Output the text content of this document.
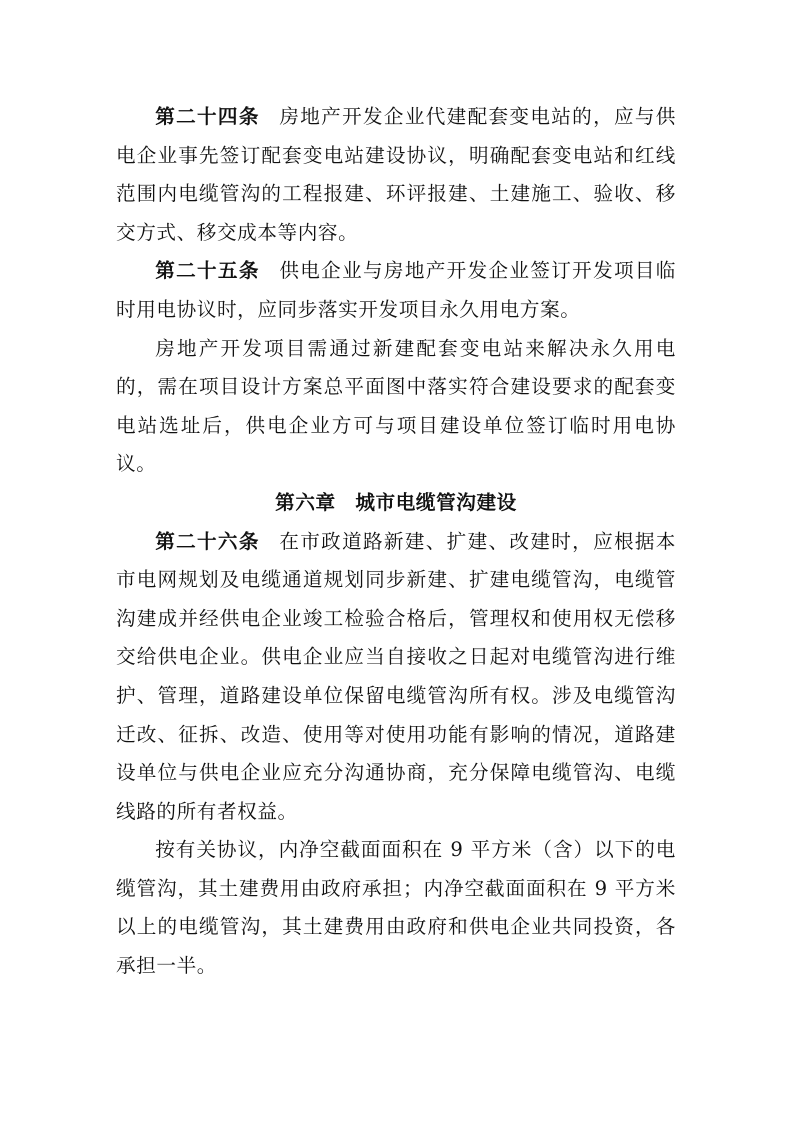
第二十四条 房地产开发企业代建配套变电站的，应与供电企业事先签订配套变电站建设协议，明确配套变电站和红线范围内电缆管沟的工程报建、环评报建、土建施工、验收、移交方式、移交成本等内容。

第二十五条 供电企业与房地产开发企业签订开发项目临时用电协议时，应同步落实开发项目永久用电方案。

房地产开发项目需通过新建配套变电站来解决永久用电的，需在项目设计方案总平面图中落实符合建设要求的配套变电站选址后，供电企业方可与项目建设单位签订临时用电协议。

第六章 城市电缆管沟建设

第二十六条 在市政道路新建、扩建、改建时，应根据本市电网规划及电缆通道规划同步新建、扩建电缆管沟，电缆管沟建成并经供电企业竣工检验合格后，管理权和使用权无偿移交给供电企业。供电企业应当自接收之日起对电缆管沟进行维护、管理，道路建设单位保留电缆管沟所有权。涉及电缆管沟迁改、征拆、改造、使用等对使用功能有影响的情况，道路建设单位与供电企业应充分沟通协商，充分保障电缆管沟、电缆线路的所有者权益。

按有关协议，内净空截面面积在 9 平方米（含）以下的电缆管沟，其土建费用由政府承担；内净空截面面积在 9 平方米以上的电缆管沟，其土建费用由政府和供电企业共同投资，各承担一半。
